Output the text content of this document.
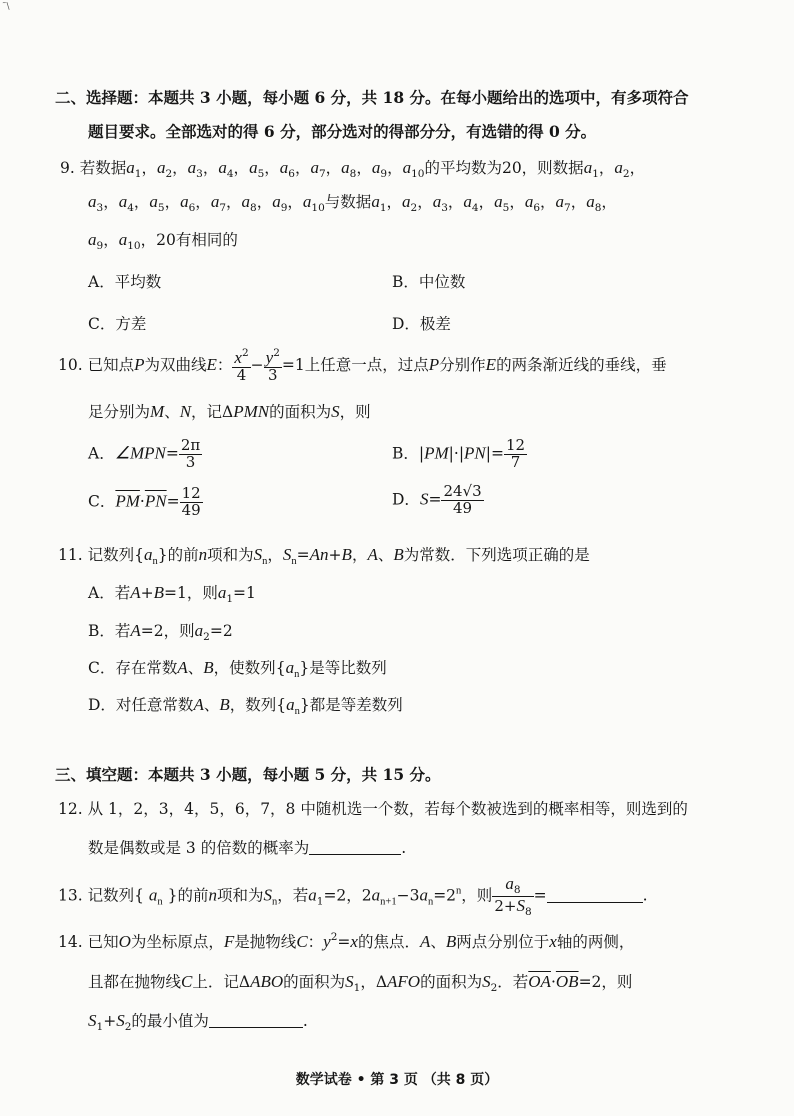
˜\
二、选择题：本题共 3 小题，每小题 6 分，共 18 分。在每小题给出的选项中，有多项符合
题目要求。全部选对的得 6 分，部分选对的得部分分，有选错的得 0 分。
9. 若数据$a_1$，$a_2$，$a_3$，$a_4$，$a_5$，$a_6$，$a_7$，$a_8$，$a_9$，$a_{10}$的平均数为20，则数据$a_1$，$a_2$，
$a_3$，$a_4$，$a_5$，$a_6$，$a_7$，$a_8$，$a_9$，$a_{10}$与数据$a_1$，$a_2$，$a_3$，$a_4$，$a_5$，$a_6$，$a_7$，$a_8$，
$a_9$，$a_{10}$，20有相同的
A．平均数	B．中位数
C．方差	D．极差
10. 已知点P为双曲线E： $\frac{x^2}{4} - \frac{y^2}{3} =1$上任意一点，过点P分别作E的两条渐近线的垂线，垂
足分别为M、N，记ΔPMN的面积为S，则
A．∠MPN= $\frac{2\pi}{3}$	B．$|PM|\cdot|PN|= \frac{12}{7}$
C．$\overline{PM}\cdot\overline{PN}= \frac{12}{49}$	D．$S= \frac{24√3}{49}$
11. 记数列$\{a_n\}$的前n项和为$S_n$，$S_n=An+B$，A、B为常数．下列选项正确的是
A．若A+B=1，则$a_1=1$
B．若A=2，则$a_2=2$
C．存在常数A、B，使数列$\{a_n\}$是等比数列
D．对任意常数A、B，数列$\{a_n\}$都是等差数列
三、填空题：本题共 3 小题，每小题 5 分，共 15 分。
12. 从 1，2，3，4，5，6，7，8 中随机选一个数，若每个数被选到的概率相等，则选到的
数是偶数或是 3 的倍数的概率为	.
13. 记数列{ $a_n$ }的前n项和为$S_n$，若$a_1=2$，$2a_{n+1}-3a_n=2^n$，则 $\frac{a_8}{2+S_8}$ =	.
14. 已知O为坐标原点，F是抛物线C：$y^2=x$的焦点．A、B两点分别位于x轴的两侧，
且都在抛物线C上．记ΔABO的面积为$S_1$，ΔAFO的面积为$S_2$．若$\overline{OA}\cdot\overline{OB}=2$，则
$S_1+S_2$的最小值为	.
数学试卷 • 第 3 页 （共 8 页）
